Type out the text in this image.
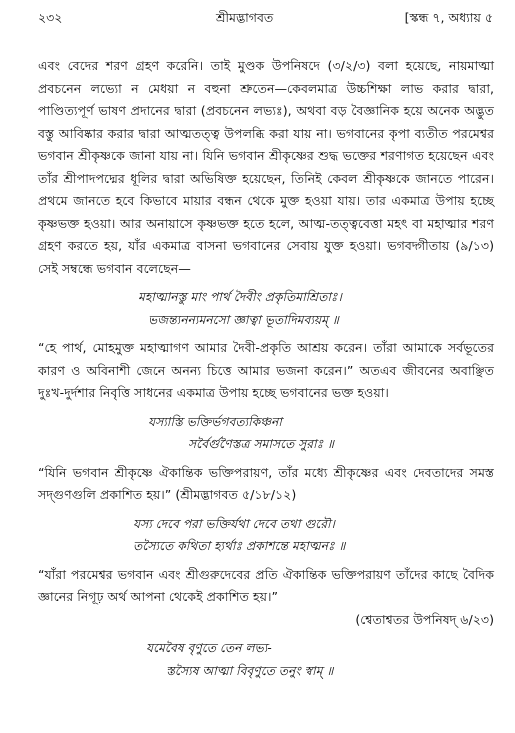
২৩২	শ্রীমদ্ভাগবত	[স্কন্ধ ৭, অধ্যায় ৫

এবং বেদের শরণ গ্রহণ করেনি। তাই মুণ্ডক উপনিষদে (৩/২/৩) বলা হয়েছে, নায়মাত্মা প্রবচনেন লভ্যো ন মেধয়া ন বহুনা শ্রুতেন—কেবলমাত্র উচ্চশিক্ষা লাভ করার দ্বারা, পাণ্ডিত্যপূর্ণ ভাষণ প্রদানের দ্বারা (প্রবচনেন লভ্যঃ), অথবা বড় বৈজ্ঞানিক হয়ে অনেক অদ্ভুত বস্তু আবিষ্কার করার দ্বারা আত্মতত্ত্ব উপলব্ধি করা যায় না। ভগবানের কৃপা ব্যতীত পরমেশ্বর ভগবান শ্রীকৃষ্ণকে জানা যায় না। যিনি ভগবান শ্রীকৃষ্ণের শুদ্ধ ভক্তের শরণাগত হয়েছেন এবং তাঁর শ্রীপাদপদ্মের ধূলির দ্বারা অভিষিক্ত হয়েছেন, তিনিই কেবল শ্রীকৃষ্ণকে জানতে পারেন। প্রথমে জানতে হবে কিভাবে মায়ার বন্ধন থেকে মুক্ত হওয়া যায়। তার একমাত্র উপায় হচ্ছে কৃষ্ণভক্ত হওয়া। আর অনায়াসে কৃষ্ণভক্ত হতে হলে, আত্ম-তত্ত্ববেত্তা মহৎ বা মহাত্মার শরণ গ্রহণ করতে হয়, যাঁর একমাত্র বাসনা ভগবানের সেবায় যুক্ত হওয়া। ভগবদ্গীতায় (৯/১৩) সেই সম্বন্ধে ভগবান বলেছেন—

মহাত্মানস্তু মাং পার্থ দৈবীং প্রকৃতিমাশ্রিতাঃ।

ভজন্ত্যনন্যমনসো জ্ঞাত্বা ভূতাদিমব্যয়ম্‌ ॥

“হে পার্থ, মোহমুক্ত মহাত্মাগণ আমার দৈবী-প্রকৃতি আশ্রয় করেন। তাঁরা আমাকে সর্বভূতের কারণ ও অবিনাশী জেনে অনন্য চিত্তে আমার ভজনা করেন।” অতএব জীবনের অবাঞ্ছিত দুঃখ-দুর্দশার নিবৃত্তি সাধনের একমাত্র উপায় হচ্ছে ভগবানের ভক্ত হওয়া।

যস্যাস্তি ভক্তির্ভগবত্যকিঞ্চনা

সর্বৈর্গুণৈস্তত্র সমাসতে সুরাঃ ॥

“যিনি ভগবান শ্রীকৃষ্ণে ঐকান্তিক ভক্তিপরায়ণ, তাঁর মধ্যে শ্রীকৃষ্ণের এবং দেবতাদের সমস্ত সদ্‌গুণগুলি প্রকাশিত হয়।” (শ্রীমদ্ভাগবত ৫/১৮/১২)

যস্য দেবে পরা ভক্তির্যথা দেবে তথা গুরৌ।

তস্যৈতে কথিতা হ্যর্থাঃ প্রকাশন্তে মহাত্মনঃ ॥

“যাঁরা পরমেশ্বর ভগবান এবং শ্রীগুরুদেবের প্রতি ঐকান্তিক ভক্তিপরায়ণ তাঁদের কাছে বৈদিক জ্ঞানের নিগূঢ় অর্থ আপনা থেকেই প্রকাশিত হয়।”

(শ্বেতাশ্বতর উপনিষদ্ ৬/২৩)

যমেবৈষ বৃণুতে তেন লভ্য-

স্তস্যৈষ আত্মা বিবৃণুতে তনুং স্বাম্‌ ॥
